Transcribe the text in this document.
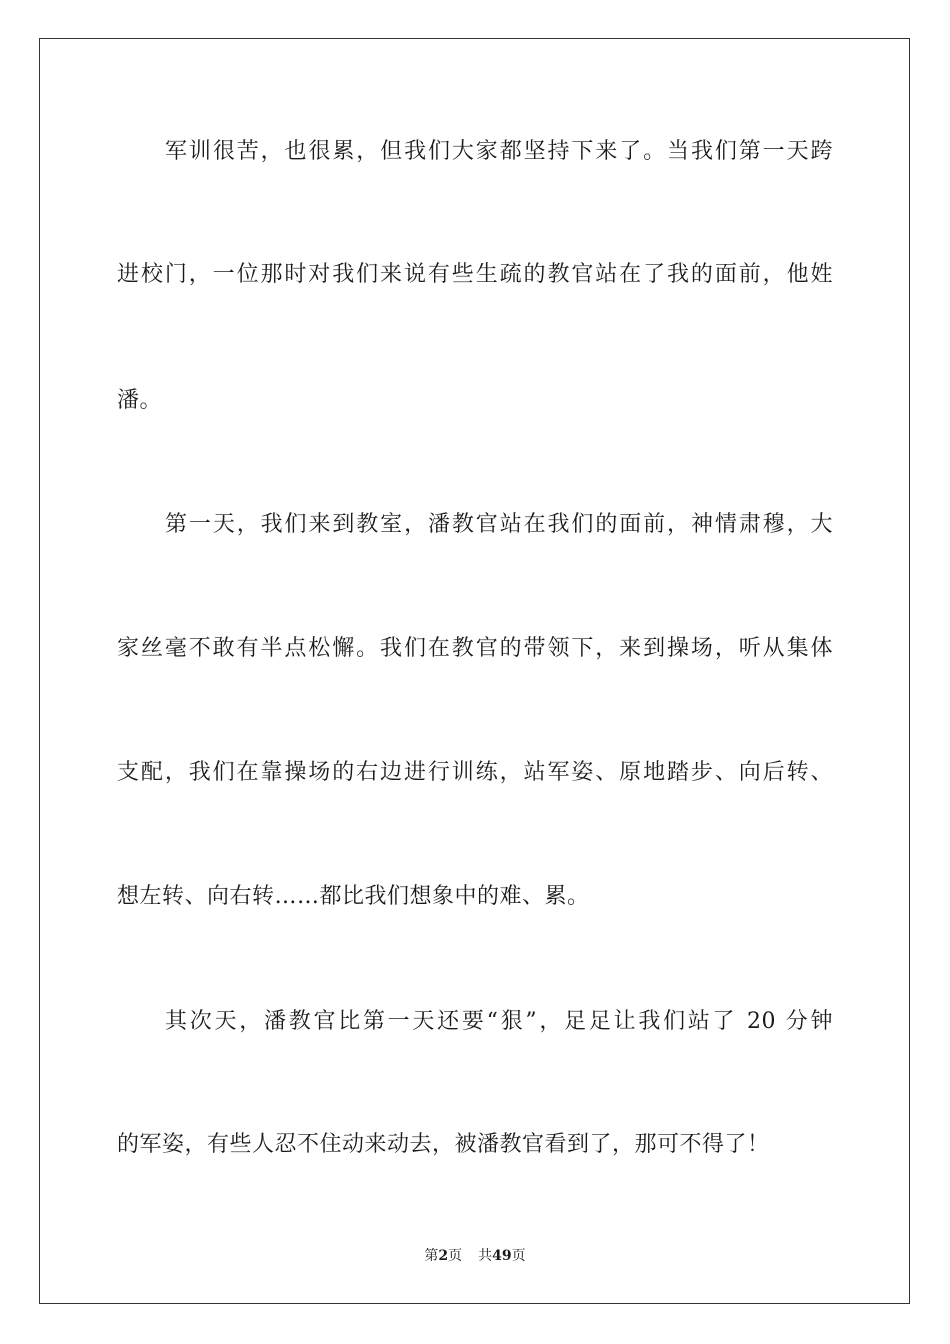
军训很苦，也很累，但我们大家都坚持下来了。当我们第一天跨
进校门，一位那时对我们来说有些生疏的教官站在了我的面前，他姓
潘。
第一天，我们来到教室，潘教官站在我们的面前，神情肃穆，大
家丝毫不敢有半点松懈。我们在教官的带领下，来到操场，听从集体
支配，我们在靠操场的右边进行训练，站军姿、原地踏步、向后转、
想左转、向右转……都比我们想象中的难、累。
其次天，潘教官比第一天还要“狠”，足足让我们站了 20 分钟
的军姿，有些人忍不住动来动去，被潘教官看到了，那可不得了！
第2页 共49页
